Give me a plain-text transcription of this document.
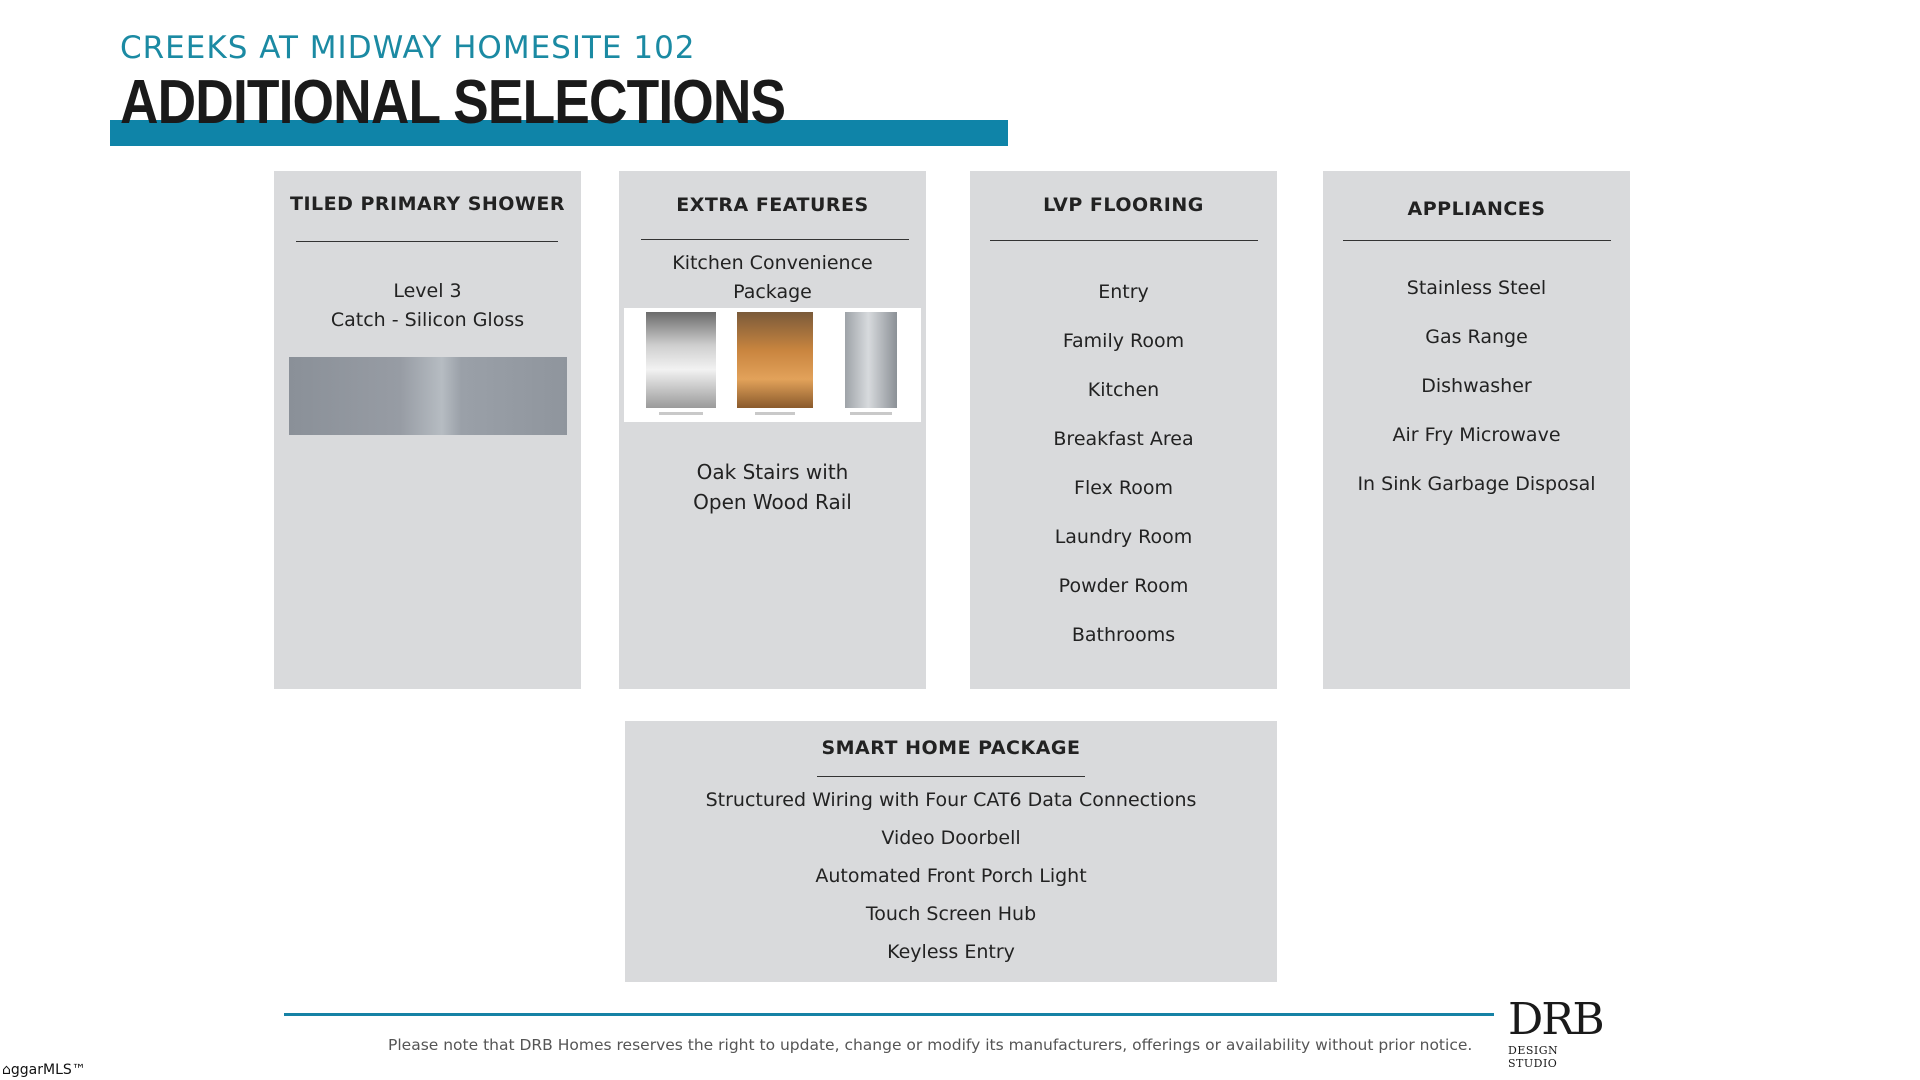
CREEKS AT MIDWAY HOMESITE 102
ADDITIONAL SELECTIONS
TILED PRIMARY SHOWER
Level 3
Catch - Silicon Gloss
EXTRA FEATURES
Kitchen Convenience
Package
Oak Stairs with
Open Wood Rail
LVP FLOORING
Entry
Family Room
Kitchen
Breakfast Area
Flex Room
Laundry Room
Powder Room
Bathrooms
APPLIANCES
Stainless Steel
Gas Range
Dishwasher
Air Fry Microwave
In Sink Garbage Disposal
SMART HOME PACKAGE
Structured Wiring with Four CAT6 Data Connections
Video Doorbell
Automated Front Porch Light
Touch Screen Hub
Keyless Entry
Please note that DRB Homes reserves the right to update, change or modify its manufacturers, offerings or availability without prior notice. DRB
DESIGN STUDIO
⌂ggarMLS™
